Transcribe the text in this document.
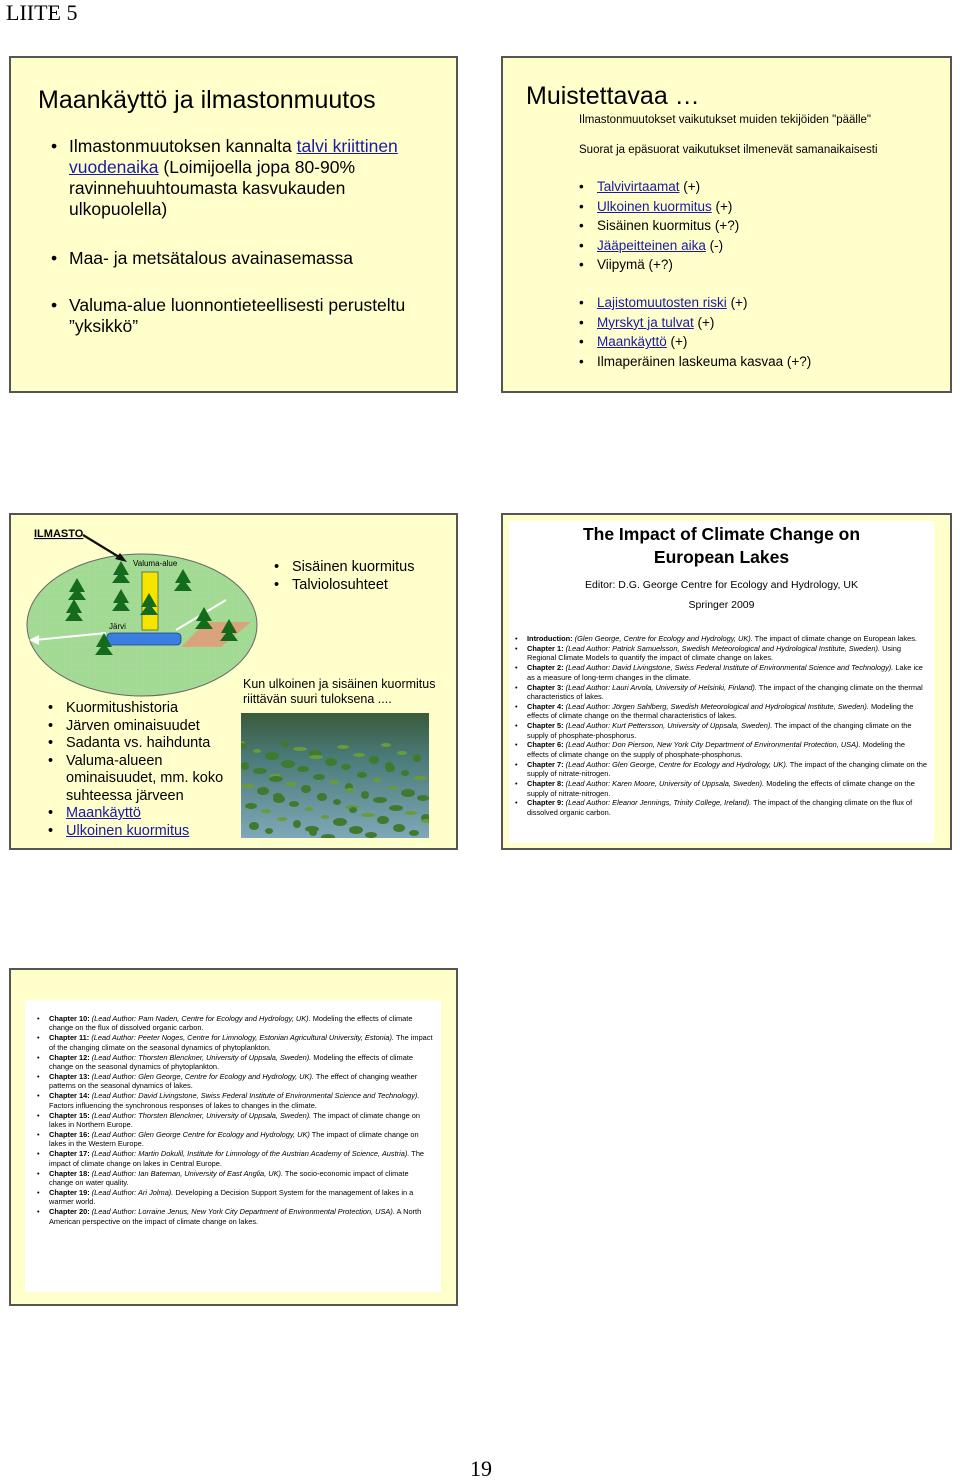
LIITE 5
Maankäyttö ja ilmastonmuutos
• Ilmastonmuutoksen kannalta talvi kriittinen vuodenaika (Loimijoella jopa 80-90% ravinnehuuhtoumasta kasvukauden ulkopuolella)
• Maa- ja metsätalous avainasemassa
• Valuma-alue luonnontieteellisesti perusteltu ”yksikkö”
Muistettavaa …
Ilmastonmuutokset vaikutukset muiden tekijöiden "päälle"
Suorat ja epäsuorat vaikutukset ilmenevät samanaikaisesti
• Talvivirtaamat (+)
• Ulkoinen kuormitus (+)
• Sisäinen kuormitus (+?)
• Jääpeitteinen aika (-)
• Viipymä (+?)
• Lajistomuutosten riski (+)
• Myrskyt ja tulvat (+)
• Maankäyttö (+)
• Ilmaperäinen laskeuma kasvaa (+?)
ILMASTO
Valuma-alue
Järvi
• Sisäinen kuormitus
• Talviolosuhteet
• Kuormitushistoria
• Järven ominaisuudet
• Sadanta vs. haihdunta
• Valuma-alueen ominaisuudet, mm. koko suhteessa järveen
• Maankäyttö
• Ulkoinen kuormitus
Kun ulkoinen ja sisäinen kuormitus riittävän suuri tuloksena ....
The Impact of Climate Change on
European Lakes
Editor: D.G. George Centre for Ecology and Hydrology, UK
Springer 2009
• Introduction: (Glen George, Centre for Ecology and Hydrology, UK). The impact of climate change on European lakes.
• Chapter 1: (Lead Author: Patrick Samuelsson, Swedish Meteorological and Hydrological Institute, Sweden). Using Regional Climate Models to quantify the impact of climate change on lakes.
• Chapter 2: (Lead Author: David Livingstone, Swiss Federal Institute of Environmental Science and Technology). Lake ice as a measure of long-term changes in the climate.
• Chapter 3: (Lead Author: Lauri Arvola, University of Helsinki, Finland). The impact of the changing climate on the thermal characteristics of lakes.
• Chapter 4: (Lead Author: Jörgen Sahlberg, Swedish Meteorological and Hydrological Institute, Sweden). Modeling the effects of climate change on the thermal characteristics of lakes.
• Chapter 5: (Lead Author: Kurt Pettersson, University of Uppsala, Sweden). The impact of the changing climate on the supply of phosphate-phosphorus.
• Chapter 6: (Lead Author: Don Pierson, New York City Department of Environmental Protection, USA). Modeling the effects of climate change on the supply of phosphate-phosphorus.
• Chapter 7: (Lead Author: Glen George, Centre for Ecology and Hydrology, UK). The impact of the changing climate on the supply of nitrate-nitrogen.
• Chapter 8: (Lead Author: Karen Moore, University of Uppsala, Sweden). Modeling the effects of climate change on the supply of nitrate-nitrogen.
• Chapter 9: (Lead Author: Eleanor Jennings, Trinity College, Ireland). The impact of the changing climate on the flux of dissolved organic carbon.
• Chapter 10: (Lead Author: Pam Naden, Centre for Ecology and Hydrology, UK). Modeling the effects of climate change on the flux of dissolved organic carbon.
• Chapter 11: (Lead Author: Peeter Noges, Centre for Limnology, Estonian Agricultural University, Estonia). The impact of the changing climate on the seasonal dynamics of phytoplankton.
• Chapter 12: (Lead Author: Thorsten Blenckner, University of Uppsala, Sweden). Modeling the effects of climate change on the seasonal dynamics of phytoplankton.
• Chapter 13: (Lead Author: Glen George, Centre for Ecology and Hydrology, UK). The effect of changing weather patterns on the seasonal dynamics of lakes.
• Chapter 14: (Lead Author: David Livingstone, Swiss Federal Institute of Environmental Science and Technology). Factors influencing the synchronous responses of lakes to changes in the climate.
• Chapter 15: (Lead Author: Thorsten Blenckner, University of Uppsala, Sweden). The impact of climate change on lakes in Northern Europe.
• Chapter 16: (Lead Author: Glen George Centre for Ecology and Hydrology, UK) The impact of climate change on lakes in the Western Europe.
• Chapter 17: (Lead Author: Martin Dokulil, Institute for Limnology of the Austrian Academy of Science, Austria). The impact of climate change on lakes in Central Europe.
• Chapter 18: (Lead Author: Ian Bateman, University of East Anglia, UK). The socio-economic impact of climate change on water quality.
• Chapter 19: (Lead Author: Ari Jolma). Developing a Decision Support System for the management of lakes in a warmer world.
• Chapter 20: (Lead Author: Lorraine Jenus, New York City Department of Environmental Protection, USA). A North American perspective on the impact of climate change on lakes.
19
